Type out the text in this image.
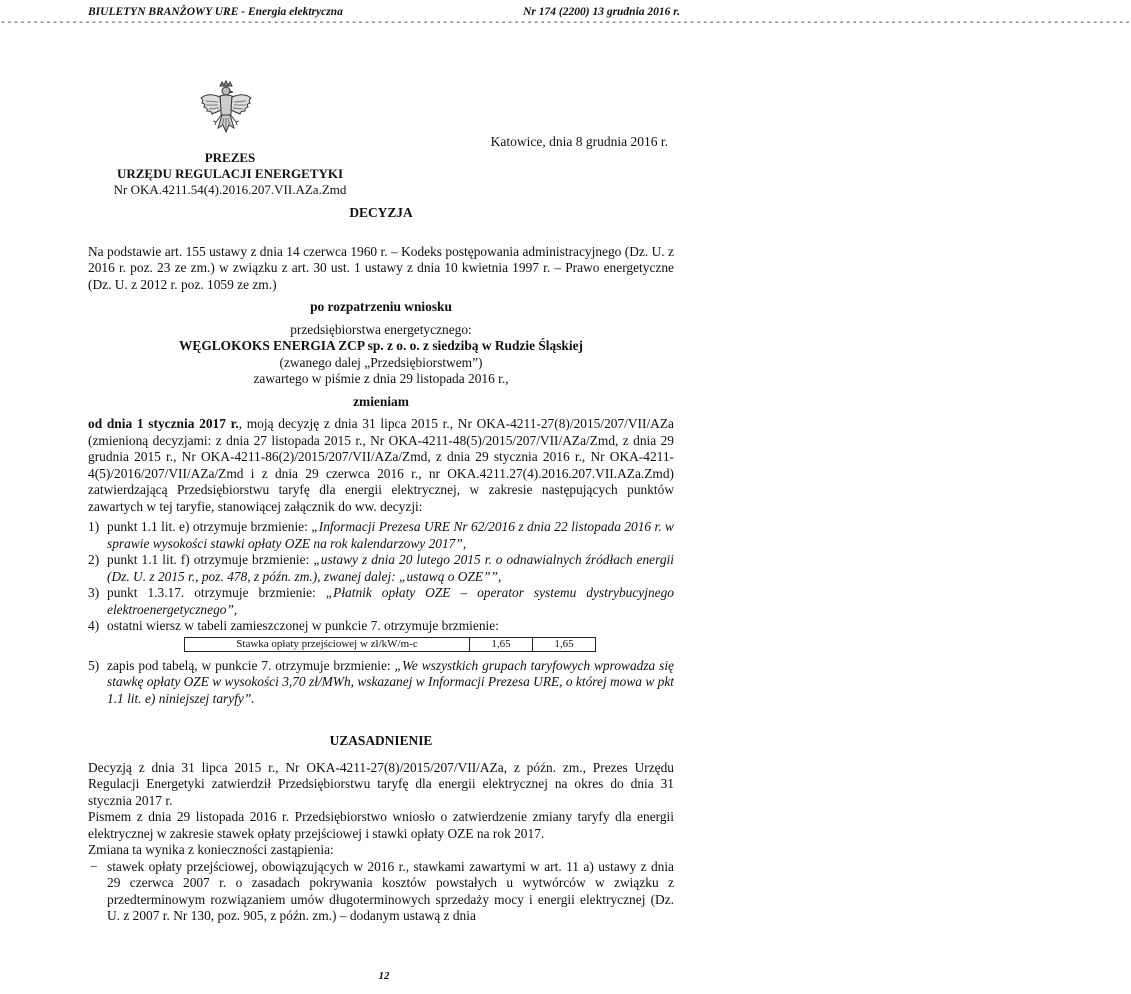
BIULETYN BRANŻOWY URE - Energia elektryczna	Nr 174 (2200) 13 grudnia 2016 r.
------------------------------------------------------------------------------------------------------------------------------------------------------------------------------
Katowice, dnia 8 grudnia 2016 r.
PREZES
URZĘDU REGULACJI ENERGETYKI
Nr OKA.4211.54(4).2016.207.VII.AZa.Zmd

DECYZJA

Na podstawie art. 155 ustawy z dnia 14 czerwca 1960 r. – Kodeks postępowania administracyjnego (Dz. U. z 2016 r. poz. 23 ze zm.) w związku z art. 30 ust. 1 ustawy z dnia 10 kwietnia 1997 r. – Prawo energetyczne (Dz. U. z 2012 r. poz. 1059 ze zm.)

po rozpatrzeniu wniosku

przedsiębiorstwa energetycznego:
WĘGLOKOKS ENERGIA ZCP sp. z o. o. z siedzibą w Rudzie Śląskiej
(zwanego dalej „Przedsiębiorstwem”)
zawartego w piśmie z dnia 29 listopada 2016 r.,

zmieniam

od dnia 1 stycznia 2017 r., moją decyzję z dnia 31 lipca 2015 r., Nr OKA-4211-27(8)/2015/207/VII/AZa (zmienioną decyzjami: z dnia 27 listopada 2015 r., Nr OKA-4211-48(5)/2015/207/VII/AZa/Zmd, z dnia 29 grudnia 2015 r., Nr OKA-4211-86(2)/2015/207/VII/AZa/Zmd, z dnia 29 stycznia 2016 r., Nr OKA-4211-4(5)/2016/207/VII/AZa/Zmd i z dnia 29 czerwca 2016 r., nr OKA.4211.27(4).2016.207.VII.AZa.Zmd) zatwierdzającą Przedsiębiorstwu taryfę dla energii elektrycznej, w zakresie następujących punktów zawartych w tej taryfie, stanowiącej załącznik do ww. decyzji:

1) punkt 1.1 lit. e) otrzymuje brzmienie: „Informacji Prezesa URE Nr 62/2016 z dnia 22 listopada 2016 r. w sprawie wysokości stawki opłaty OZE na rok kalendarzowy 2017”,
2) punkt 1.1 lit. f) otrzymuje brzmienie: „ustawy z dnia 20 lutego 2015 r. o odnawialnych źródłach energii (Dz. U. z 2015 r., poz. 478, z późn. zm.), zwanej dalej: „ustawą o OZE””,
3) punkt 1.3.17. otrzymuje brzmienie: „Płatnik opłaty OZE – operator systemu dystrybucyjnego elektroenergetycznego”,
4) ostatni wiersz w tabeli zamieszczonej w punkcie 7. otrzymuje brzmienie:
Stawka opłaty przejściowej w zł/kW/m-c	1,65	1,65
5) zapis pod tabelą, w punkcie 7. otrzymuje brzmienie: „We wszystkich grupach taryfowych wprowadza się stawkę opłaty OZE w wysokości 3,70 zł/MWh, wskazanej w Informacji Prezesa URE, o której mowa w pkt 1.1 lit. e) niniejszej taryfy”.

UZASADNIENIE

Decyzją z dnia 31 lipca 2015 r., Nr OKA-4211-27(8)/2015/207/VII/AZa, z późn. zm., Prezes Urzędu Regulacji Energetyki zatwierdził Przedsiębiorstwu taryfę dla energii elektrycznej na okres do dnia 31 stycznia 2017 r.

Pismem z dnia 29 listopada 2016 r. Przedsiębiorstwo wniosło o zatwierdzenie zmiany taryfy dla energii elektrycznej w zakresie stawek opłaty przejściowej i stawki opłaty OZE na rok 2017.

Zmiana ta wynika z konieczności zastąpienia:

− stawek opłaty przejściowej, obowiązujących w 2016 r., stawkami zawartymi w art. 11 a) ustawy z dnia 29 czerwca 2007 r. o zasadach pokrywania kosztów powstałych u wytwórców w związku z przedterminowym rozwiązaniem umów długoterminowych sprzedaży mocy i energii elektrycznej (Dz. U. z 2007 r. Nr 130, poz. 905, z późn. zm.) – dodanym ustawą z dnia
12
